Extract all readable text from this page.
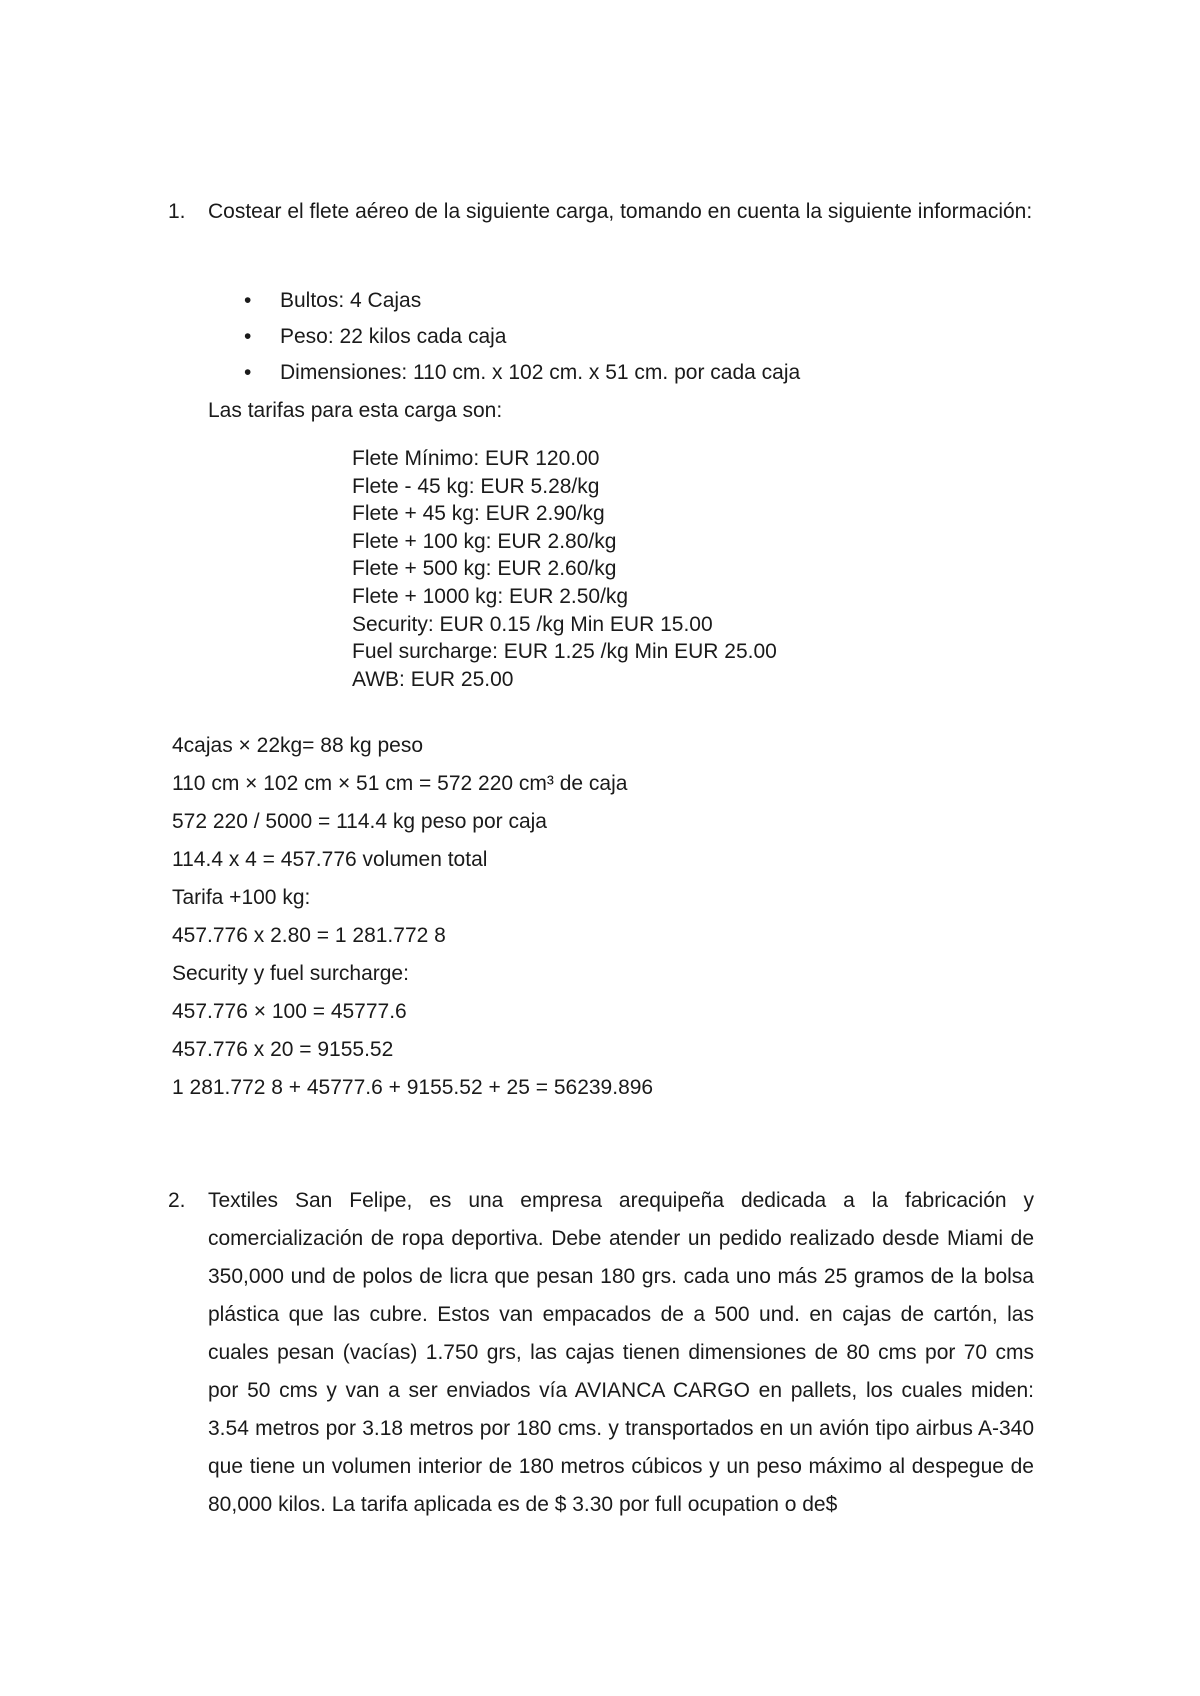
1. Costear el flete aéreo de la siguiente carga, tomando en cuenta la siguiente información:
• Bultos: 4 Cajas
• Peso: 22 kilos cada caja
• Dimensiones: 110 cm. x 102 cm. x 51 cm. por cada caja
Las tarifas para esta carga son:
Flete Mínimo: EUR 120.00
Flete - 45 kg: EUR 5.28/kg
Flete + 45 kg: EUR 2.90/kg
Flete + 100 kg: EUR 2.80/kg
Flete + 500 kg: EUR 2.60/kg
Flete + 1000 kg: EUR 2.50/kg
Security: EUR 0.15 /kg Min EUR 15.00
Fuel surcharge: EUR 1.25 /kg Min EUR 25.00
AWB: EUR 25.00
4cajas × 22kg= 88 kg peso
110 cm × 102 cm × 51 cm = 572 220 cm³ de caja
572 220 / 5000 = 114.4 kg peso por caja
114.4 x 4 = 457.776 volumen total
Tarifa +100 kg:
457.776 x 2.80 = 1 281.772 8
Security y fuel surcharge:
457.776 × 100 = 45777.6
457.776 x 20 = 9155.52
1 281.772 8 + 45777.6 + 9155.52 + 25 = 56239.896
2. Textiles San Felipe, es una empresa arequipeña dedicada a la fabricación y comercialización de ropa deportiva. Debe atender un pedido realizado desde Miami de 350,000 und de polos de licra que pesan 180 grs. cada uno más 25 gramos de la bolsa plástica que las cubre. Estos van empacados de a 500 und. en cajas de cartón, las cuales pesan (vacías) 1.750 grs, las cajas tienen dimensiones de 80 cms por 70 cms por 50 cms y van a ser enviados vía AVIANCA CARGO en pallets, los cuales miden: 3.54 metros por 3.18 metros por 180 cms. y transportados en un avión tipo airbus A-340 que tiene un volumen interior de 180 metros cúbicos y un peso máximo al despegue de 80,000 kilos. La tarifa aplicada es de $ 3.30 por full ocupation o de$
